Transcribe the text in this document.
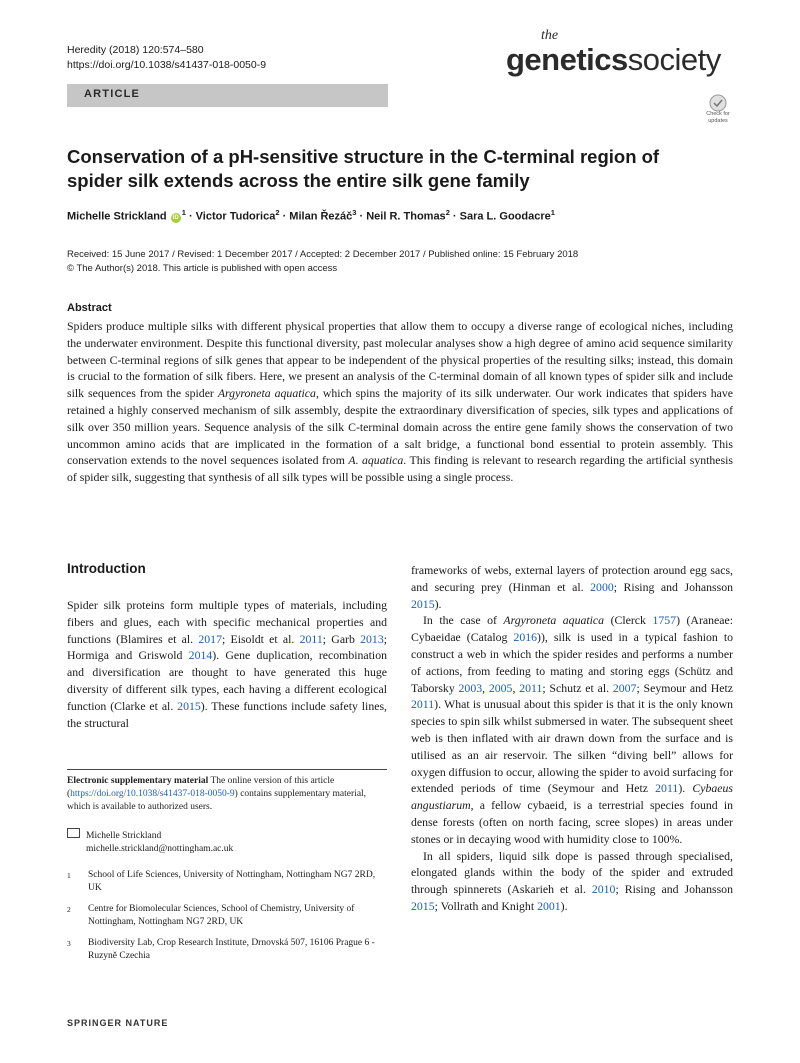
Heredity (2018) 120:574–580
https://doi.org/10.1038/s41437-018-0050-9
the
geneticssociety
ARTICLE
Check for updates
Conservation of a pH-sensitive structure in the C-terminal region of spider silk extends across the entire silk gene family
Michelle Strickland $iD^1$ · Victor Tudorica$^2$ · Milan Řezáč$^3$ · Neil R. Thomas$^2$ · Sara L. Goodacre$^1$
Received: 15 June 2017 / Revised: 1 December 2017 / Accepted: 2 December 2017 / Published online: 15 February 2018
© The Author(s) 2018. This article is published with open access
Abstract
Spiders produce multiple silks with different physical properties that allow them to occupy a diverse range of ecological niches, including the underwater environment. Despite this functional diversity, past molecular analyses show a high degree of amino acid sequence similarity between C-terminal regions of silk genes that appear to be independent of the physical properties of the resulting silks; instead, this domain is crucial to the formation of silk fibers. Here, we present an analysis of the C-terminal domain of all known types of spider silk and include silk sequences from the spider Argyroneta aquatica, which spins the majority of its silk underwater. Our work indicates that spiders have retained a highly conserved mechanism of silk assembly, despite the extraordinary diversification of species, silk types and applications of silk over 350 million years. Sequence analysis of the silk C-terminal domain across the entire gene family shows the conservation of two uncommon amino acids that are implicated in the formation of a salt bridge, a functional bond essential to protein assembly. This conservation extends to the novel sequences isolated from A. aquatica. This finding is relevant to research regarding the artificial synthesis of spider silk, suggesting that synthesis of all silk types will be possible using a single process.
Introduction

Spider silk proteins form multiple types of materials, including fibers and glues, each with specific mechanical properties and functions (Blamires et al. 2017; Eisoldt et al. 2011; Garb 2013; Hormiga and Griswold 2014). Gene duplication, recombination and diversification are thought to have generated this huge diversity of different silk types, each having a different ecological function (Clarke et al. 2015). These functions include safety lines, the structural

frameworks of webs, external layers of protection around egg sacs, and securing prey (Hinman et al. 2000; Rising and Johansson 2015).

In the case of Argyroneta aquatica (Clerck 1757) (Araneae: Cybaeidae (Catalog 2016)), silk is used in a typical fashion to construct a web in which the spider resides and performs a number of actions, from feeding to mating and storing eggs (Schütz and Taborsky 2003, 2005, 2011; Schutz et al. 2007; Seymour and Hetz 2011). What is unusual about this spider is that it is the only known species to spin silk whilst submersed in water. The subsequent sheet web is then inflated with air drawn down from the surface and is utilised as an air reservoir. The silken “diving bell” allows for oxygen diffusion to occur, allowing the spider to avoid surfacing for extended periods of time (Seymour and Hetz 2011). Cybaeus angustiarum, a fellow cybaeid, is a terrestrial species found in dense forests (often on north facing, scree slopes) in areas under stones or in decaying wood with humidity close to 100%.

In all spiders, liquid silk dope is passed through specialised, elongated glands within the body of the spider and extruded through spinnerets (Askarieh et al. 2010; Rising and Johansson 2015; Vollrath and Knight 2001).

Electronic supplementary material The online version of this article (https://doi.org/10.1038/s41437-018-0050-9) contains supplementary material, which is available to authorized users.
Michelle Strickland
michelle.strickland@nottingham.ac.uk
1 School of Life Sciences, University of Nottingham, Nottingham NG7 2RD, UK
2 Centre for Biomolecular Sciences, School of Chemistry, University of Nottingham, Nottingham NG7 2RD, UK
3 Biodiversity Lab, Crop Research Institute, Drnovská 507, 16106 Prague 6 - Ruzyně Czechia
SPRINGER NATURE
